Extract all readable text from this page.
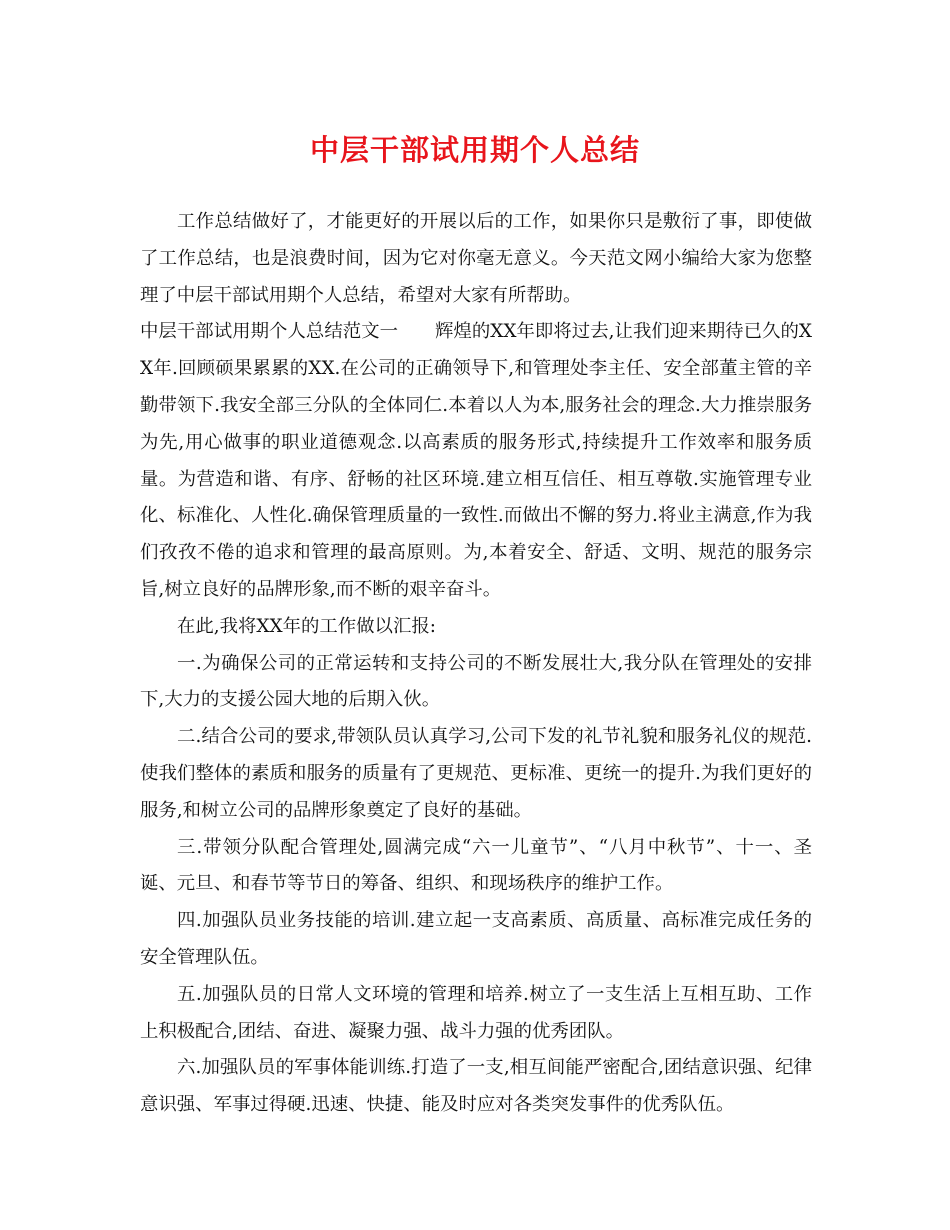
中层干部试用期个人总结

工作总结做好了，才能更好的开展以后的工作，如果你只是敷衍了事，即使做了工作总结，也是浪费时间，因为它对你毫无意义。今天范文网小编给大家为您整理了中层干部试用期个人总结，希望对大家有所帮助。

中层干部试用期个人总结范文一　　辉煌的XX年即将过去,让我们迎来期待已久的XX年.回顾硕果累累的XX.在公司的正确领导下,和管理处李主任、安全部董主管的辛勤带领下.我安全部三分队的全体同仁.本着以人为本,服务社会的理念.大力推崇服务为先,用心做事的职业道德观念.以高素质的服务形式,持续提升工作效率和服务质量。为营造和谐、有序、舒畅的社区环境.建立相互信任、相互尊敬.实施管理专业化、标准化、人性化.确保管理质量的一致性.而做出不懈的努力.将业主满意,作为我们孜孜不倦的追求和管理的最高原则。为,本着安全、舒适、文明、规范的服务宗旨,树立良好的品牌形象,而不断的艰辛奋斗。

在此,我将XX年的工作做以汇报:

一.为确保公司的正常运转和支持公司的不断发展壮大,我分队在管理处的安排下,大力的支援公园大地的后期入伙。

二.结合公司的要求,带领队员认真学习,公司下发的礼节礼貌和服务礼仪的规范.使我们整体的素质和服务的质量有了更规范、更标准、更统一的提升.为我们更好的服务,和树立公司的品牌形象奠定了良好的基础。

三.带领分队配合管理处,圆满完成“六一儿童节”、“八月中秋节”、十一、圣诞、元旦、和春节等节日的筹备、组织、和现场秩序的维护工作。

四.加强队员业务技能的培训.建立起一支高素质、高质量、高标准完成任务的安全管理队伍。

五.加强队员的日常人文环境的管理和培养.树立了一支生活上互相互助、工作上积极配合,团结、奋进、凝聚力强、战斗力强的优秀团队。

六.加强队员的军事体能训练.打造了一支,相互间能严密配合,团结意识强、纪律意识强、军事过得硬.迅速、快捷、能及时应对各类突发事件的优秀队伍。
